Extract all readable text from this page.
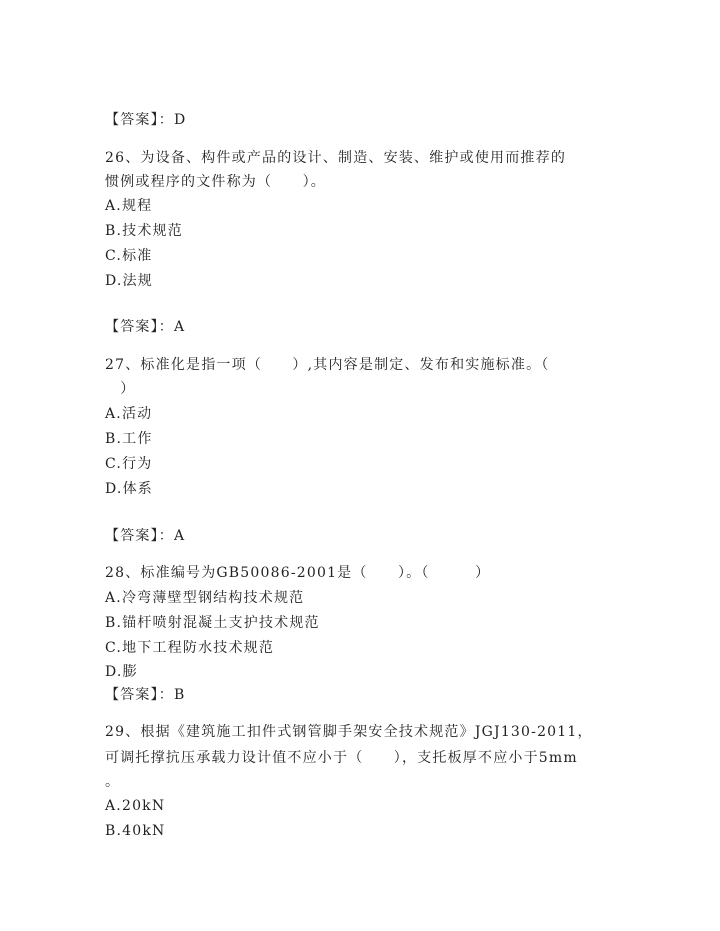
【答案】：D
26、为设备、构件或产品的设计、制造、安装、维护或使用而推荐的
惯例或程序的文件称为（　　）。
A.规程
B.技术规范
C.标准
D.法规
【答案】：A
27、标准化是指一项（　　）,其内容是制定、发布和实施标准。（
　）
A.活动
B.工作
C.行为
D.体系
【答案】：A
28、标准编号为GB50086-2001是（　　）。（　　　）
A.冷弯薄壁型钢结构技术规范
B.锚杆喷射混凝土支护技术规范
C.地下工程防水技术规范
D.膨
【答案】：B
29、根据《建筑施工扣件式钢管脚手架安全技术规范》JGJ130-2011，
可调托撑抗压承载力设计值不应小于（　　），支托板厚不应小于5mm
。
A.20kN
B.40kN
